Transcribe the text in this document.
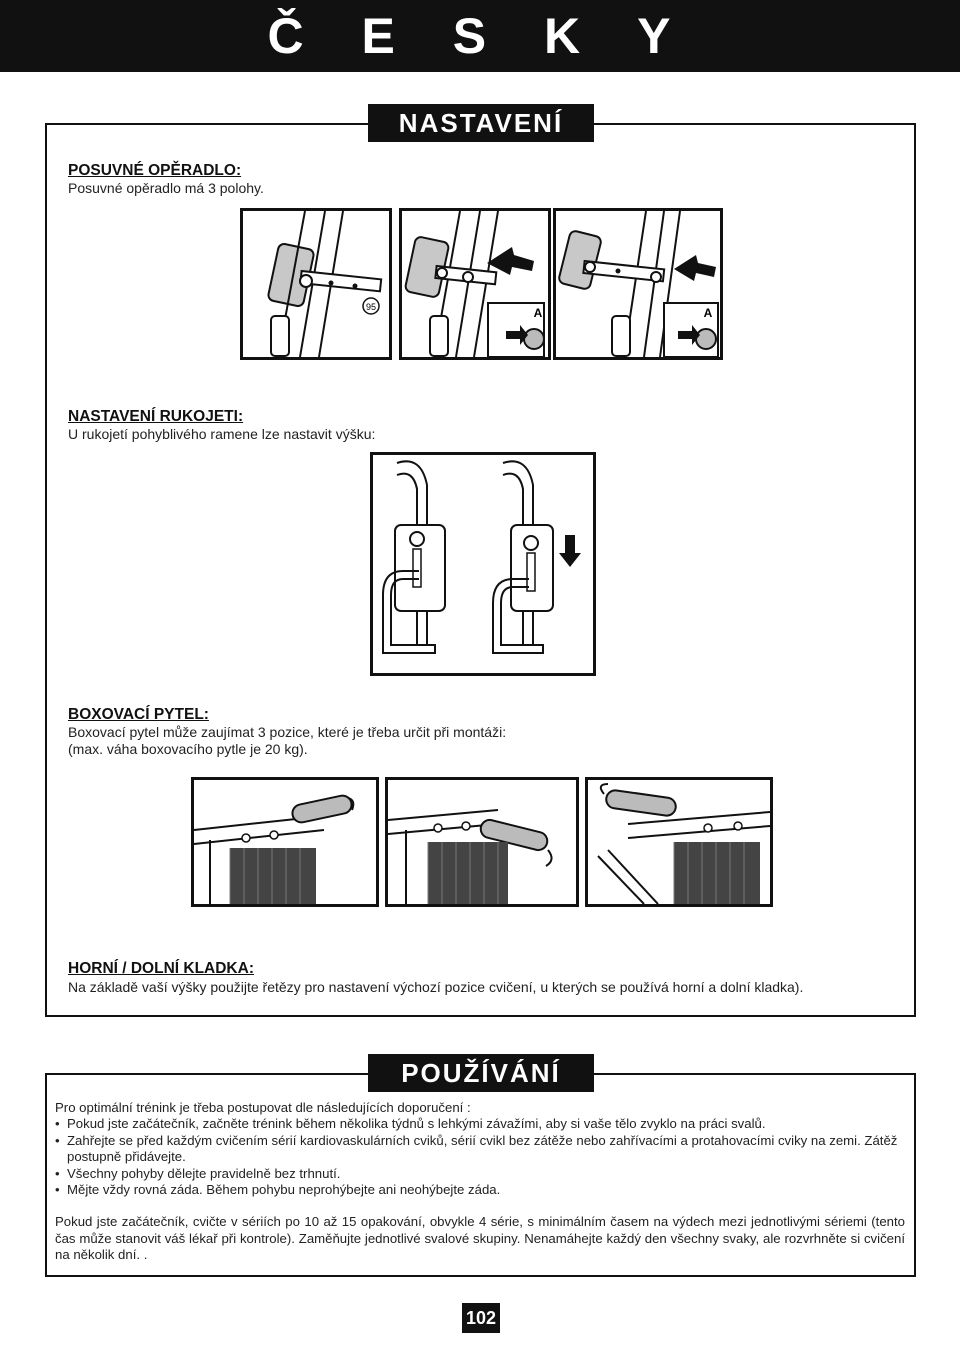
Č E S K Y
NASTAVENÍ
POSUVNÉ OPĚRADLO:
Posuvné opěradlo má 3 polohy.
95	A	A
NASTAVENÍ RUKOJETI:
U rukojetí pohyblivého ramene lze nastavit výšku:
BOXOVACÍ PYTEL:
Boxovací pytel může zaujímat 3 pozice, které je třeba určit při montáži:
(max. váha boxovacího pytle je 20 kg).
HORNÍ / DOLNÍ KLADKA:
Na základě vaší výšky použijte řetězy pro nastavení výchozí pozice cvičení, u kterých se používá horní a dolní kladka).
POUŽÍVÁNÍ
Pro optimální trénink je třeba postupovat dle následujících doporučení :
• Pokud jste začátečník, začněte trénink během několika týdnů s lehkými závažími, aby si vaše tělo zvyklo na práci svalů.
• Zahřejte se před každým cvičením sérií kardiovaskulárních cviků, sérií cvikl bez zátěže nebo zahřívacími a protahovacími cviky na zemi. Zátěž postupně přidávejte.
• Všechny pohyby dělejte pravidelně bez trhnutí.
• Mějte vždy rovná záda. Během pohybu neprohýbejte ani neohýbejte záda.
Pokud jste začátečník, cvičte v sériích po 10 až 15 opakování, obvykle 4 série, s minimálním časem na výdech mezi jednotlivými sériemi (tento čas může stanovit váš lékař při kontrole). Zaměňujte jednotlivé svalové skupiny. Nenamáhejte každý den všechny svaky, ale rozvrhněte si cvičení na několik dní. .
102
